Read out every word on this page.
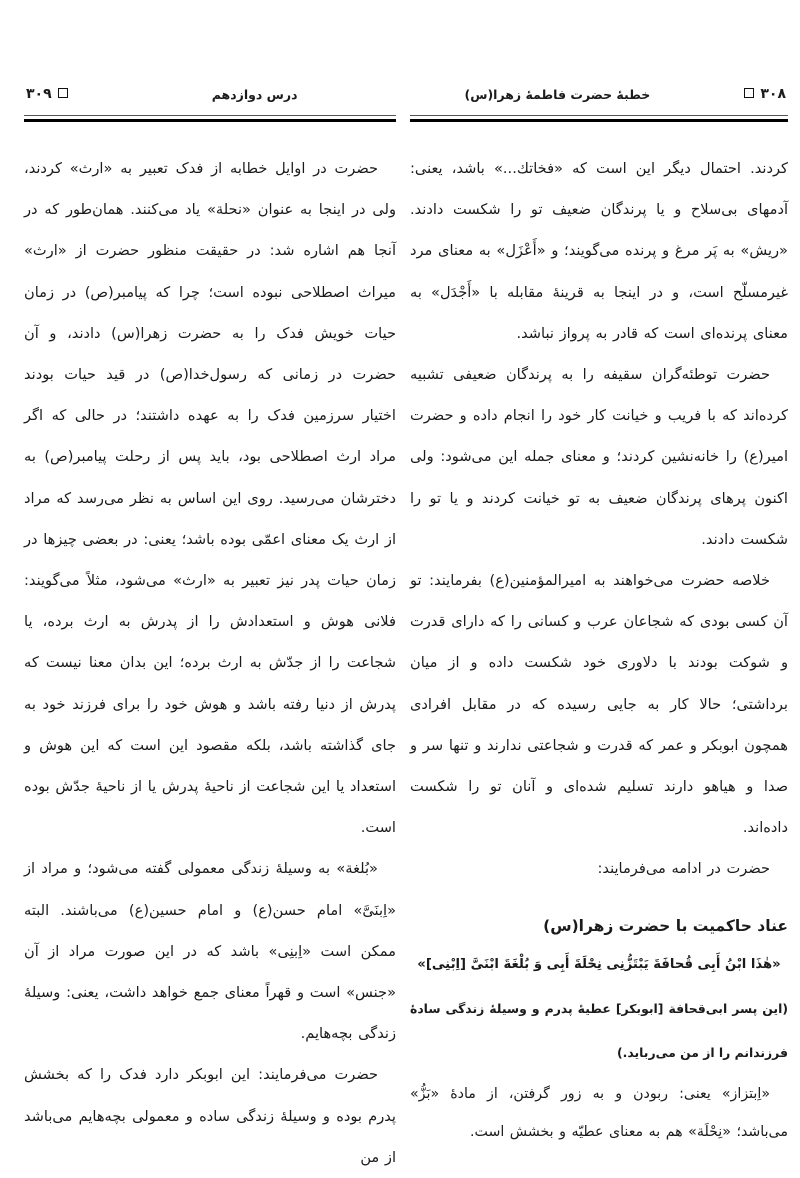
۳۰۸
خطبهٔ حضرت فاطمهٔ زهرا(س)

کردند. احتمال دیگر این است که «فخاتك...» باشد، یعنی: آدمهای بی‌سلاح و یا پرندگان ضعیف تو را شکست دادند. «ریش» به پَر مرغ و پرنده می‌گویند؛ و «أَعْزَل» به معنای مرد غیرمسلّح است، و در اینجا به قرینهٔ مقابله با «أَجْدَل» به معنای پرنده‌ای است که قادر به پرواز نباشد.

حضرت توطئه‌گران سقیفه را به پرندگان ضعیفی تشبیه کرده‌اند که با فریب و خیانت کار خود را انجام داده و حضرت امیر(ع) را خانه‌نشین کردند؛ و معنای جمله این می‌شود: ولی اکنون پرهای پرندگان ضعیف به تو خیانت کردند و یا تو را شکست دادند.

خلاصه حضرت می‌خواهند به امیرالمؤمنین(ع) بفرمایند: تو آن کسی بودی که شجاعان عرب و کسانی را که دارای قدرت و شوکت بودند با دلاوری خود شکست داده و از میان برداشتی؛ حالا کار به جایی رسیده که در مقابل افرادی همچون ابوبکر و عمر که قدرت و شجاعتی ندارند و تنها سر و صدا و هیاهو دارند تسلیم شده‌ای و آنان تو را شکست داده‌اند.

حضرت در ادامه می‌فرمایند:

عناد حاکمیت با حضرت زهرا(س)

«هٰذَا ابْنُ أَبِی قُحافَةَ یَبْتَزُّنِی نِحْلَةَ أَبِی وَ بُلْغَةَ ابْنَیَّ [اِبْنِی]»

(این پسر ابی‌قحافة [ابوبکر] عطیهٔ پدرم و وسیلهٔ زندگی سادهٔ فرزندانم را از من می‌رباید.)

«اِبتزاز» یعنی: ربودن و به زور گرفتن، از مادهٔ «بَزُّ» می‌باشد؛ «نِحْلَة» هم به معنای عطیّه و بخشش است.

۳۰۹	درس دوازدهم

حضرت در اوایل خطابه از فدک تعبیر به «ارث» کردند، ولی در اینجا به عنوان «نحلة» یاد می‌کنند. همان‌طور که در آنجا هم اشاره شد: در حقیقت منظور حضرت از «ارث» میراث اصطلاحی نبوده است؛ چرا که پیامبر(ص) در زمان حیات خویش فدک را به حضرت زهرا(س) دادند، و آن حضرت در زمانی که رسول‌خدا(ص) در قید حیات بودند اختیار سرزمین فدک را به عهده داشتند؛ در حالی که اگر مراد ارث اصطلاحی بود، باید پس از رحلت پیامبر(ص) به دخترشان می‌رسید. روی این اساس به نظر می‌رسد که مراد از ارث یک معنای اعمّی بوده باشد؛ یعنی: در بعضی چیزها در زمان حیات پدر نیز تعبیر به «ارث» می‌شود، مثلاً می‌گویند: فلانی هوش و استعدادش را از پدرش به ارث برده، یا شجاعت را از جدّش به ارث برده؛ این بدان معنا نیست که پدرش از دنیا رفته باشد و هوش خود را برای فرزند خود به جای گذاشته باشد، بلکه مقصود این است که این هوش و استعداد یا این شجاعت از ناحیهٔ پدرش یا از ناحیهٔ جدّش بوده است.

«بُلغة» به وسیلهٔ زندگی معمولی گفته می‌شود؛ و مراد از «اِبنَیَّ» امام حسن(ع) و امام حسین(ع) می‌باشند. البته ممکن است «اِبنِی» باشد که در این صورت مراد از آن «جنس» است و قهراً معنای جمع خواهد داشت، یعنی: وسیلهٔ زندگی بچه‌هایم.

حضرت می‌فرمایند: این ابوبکر دارد فدک را که بخشش پدرم بوده و وسیلهٔ زندگی ساده و معمولی بچه‌هایم می‌باشد از من
